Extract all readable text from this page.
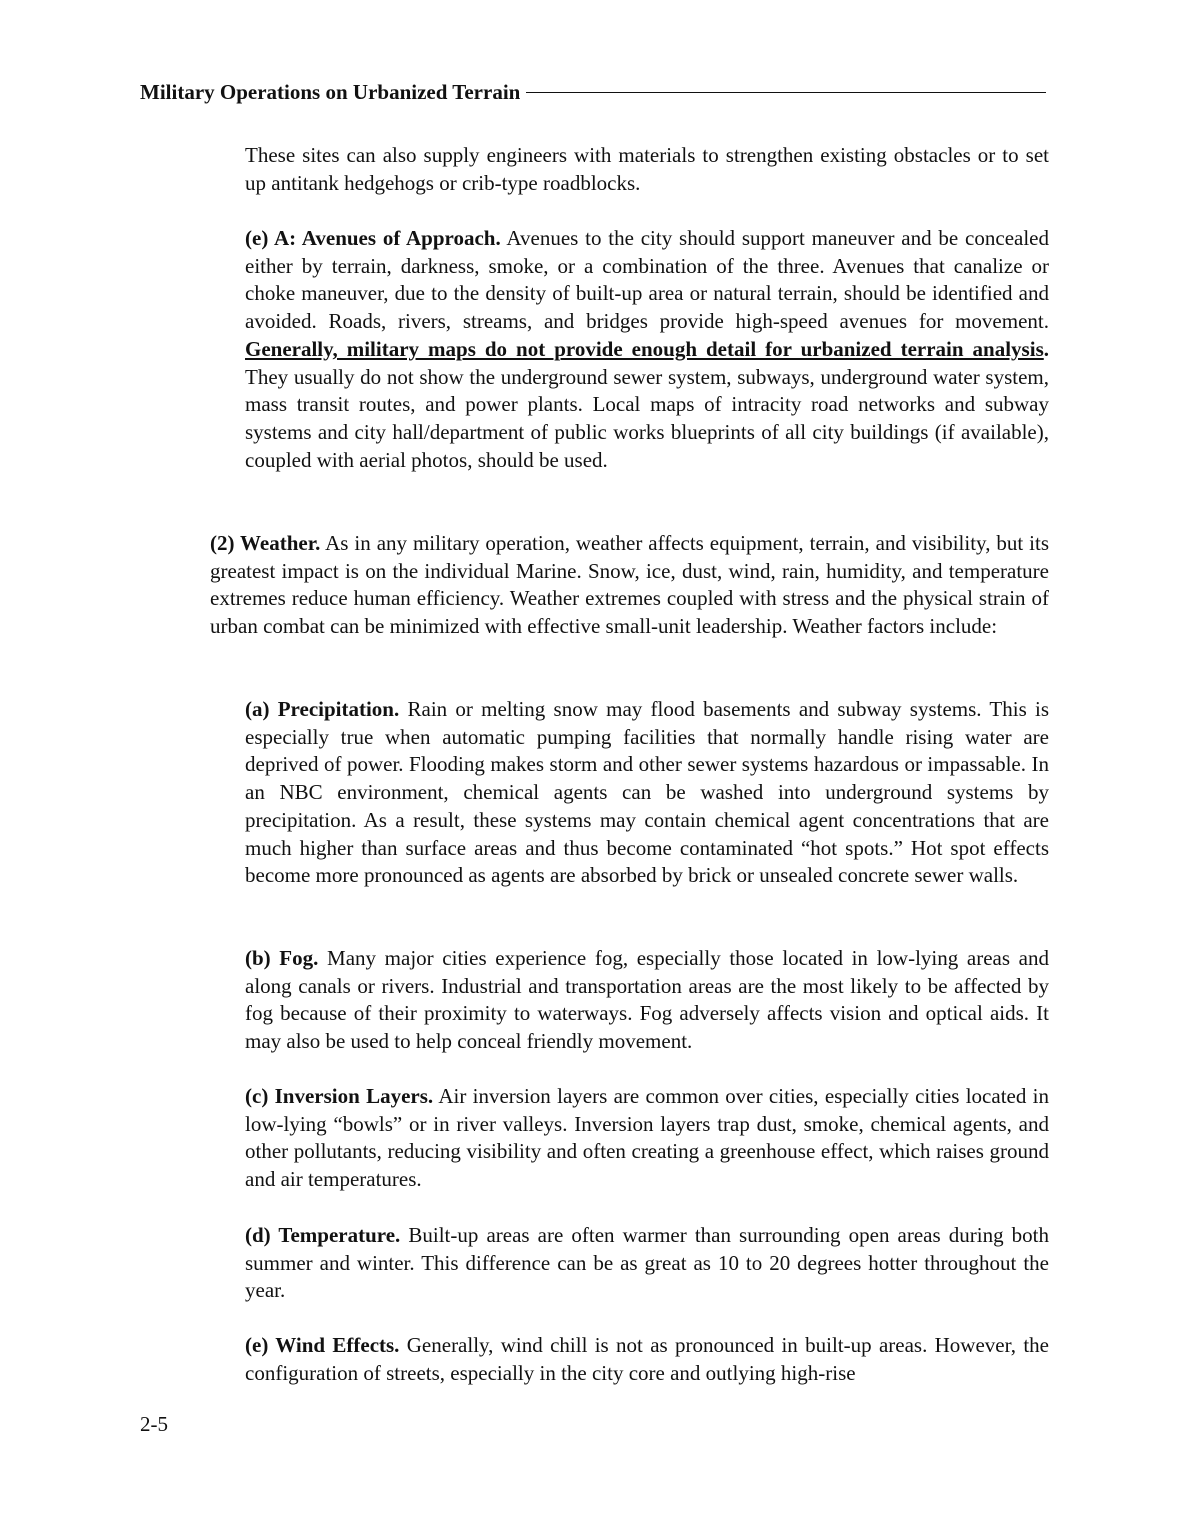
Military Operations on Urbanized Terrain

These sites can also supply engineers with materials to strengthen existing obstacles or to set up antitank hedgehogs or crib-type roadblocks.

(e) A: Avenues of Approach. Avenues to the city should support maneuver and be concealed either by terrain, darkness, smoke, or a combination of the three. Avenues that canalize or choke maneuver, due to the density of built-up area or natural terrain, should be identified and avoided. Roads, rivers, streams, and bridges provide high-speed avenues for movement. Generally, military maps do not provide enough detail for urbanized terrain analysis. They usually do not show the underground sewer system, subways, underground water system, mass transit routes, and power plants. Local maps of intracity road networks and subway systems and city hall/department of public works blueprints of all city buildings (if available), coupled with aerial photos, should be used.

(2) Weather. As in any military operation, weather affects equipment, terrain, and visibility, but its greatest impact is on the individual Marine. Snow, ice, dust, wind, rain, humidity, and temperature extremes reduce human efficiency. Weather extremes coupled with stress and the physical strain of urban combat can be minimized with effective small-unit leadership. Weather factors include:

(a) Precipitation. Rain or melting snow may flood basements and subway systems. This is especially true when automatic pumping facilities that normally handle rising water are deprived of power. Flooding makes storm and other sewer systems hazardous or impassable. In an NBC environment, chemical agents can be washed into underground systems by precipitation. As a result, these systems may contain chemical agent concentrations that are much higher than surface areas and thus become contaminated “hot spots.” Hot spot effects become more pronounced as agents are absorbed by brick or unsealed concrete sewer walls.

(b) Fog. Many major cities experience fog, especially those located in low-lying areas and along canals or rivers. Industrial and transportation areas are the most likely to be affected by fog because of their proximity to waterways. Fog adversely affects vision and optical aids. It may also be used to help conceal friendly movement.

(c) Inversion Layers. Air inversion layers are common over cities, especially cities located in low-lying “bowls” or in river valleys. Inversion layers trap dust, smoke, chemical agents, and other pollutants, reducing visibility and often creating a greenhouse effect, which raises ground and air temperatures.

(d) Temperature. Built-up areas are often warmer than surrounding open areas during both summer and winter. This difference can be as great as 10 to 20 degrees hotter throughout the year.

(e) Wind Effects. Generally, wind chill is not as pronounced in built-up areas. However, the configuration of streets, especially in the city core and outlying high-rise

2-5
